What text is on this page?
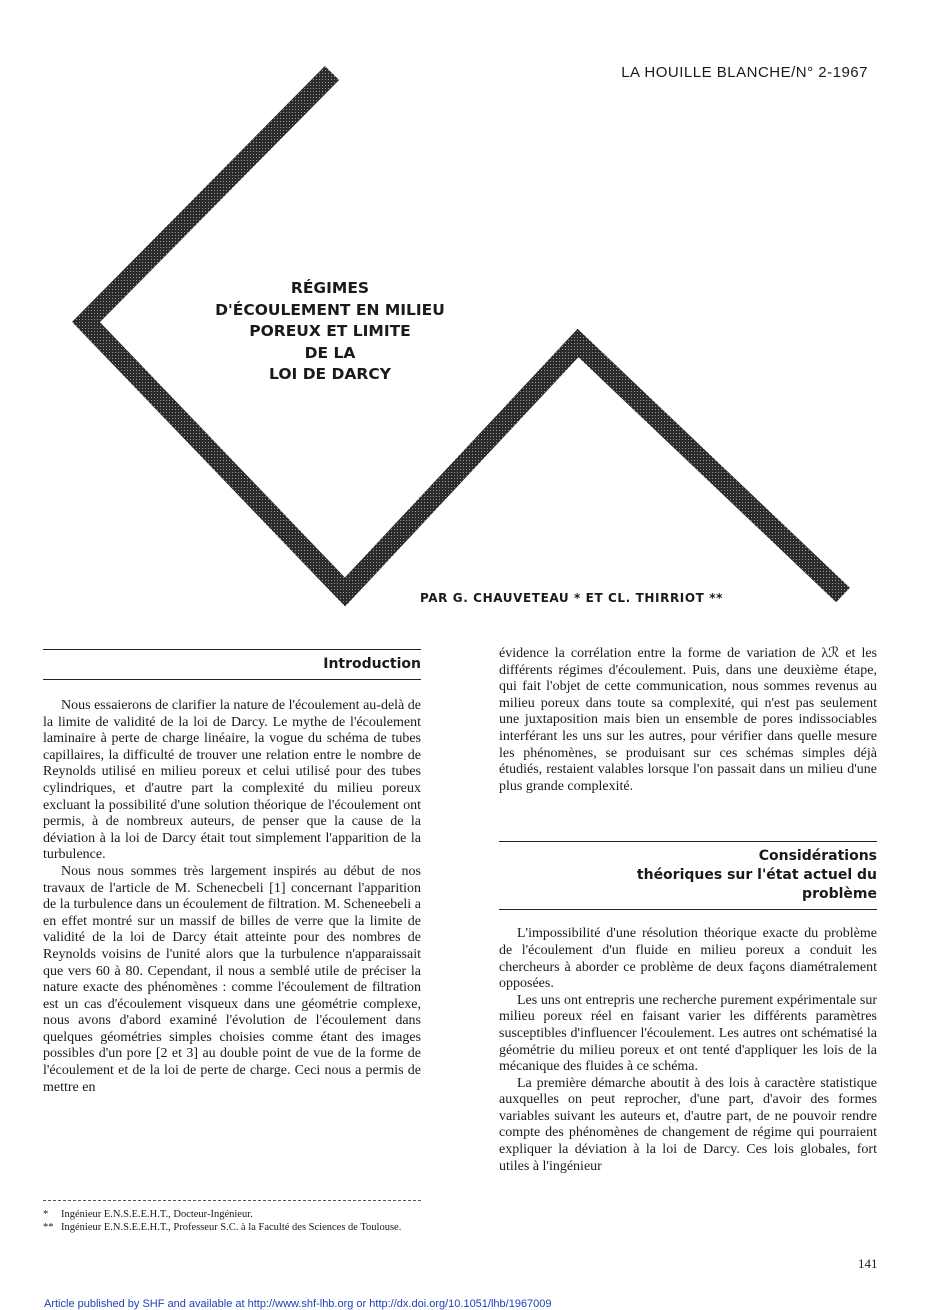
LA HOUILLE BLANCHE/N° 2-1967
RÉGIMES
D'ÉCOULEMENT EN MILIEU
POREUX ET LIMITE
DE LA
LOI DE DARCY
PAR G. CHAUVETEAU * ET CL. THIRRIOT **
Introduction

Nous essaierons de clarifier la nature de l'écoulement au-delà de la limite de validité de la loi de Darcy. Le mythe de l'écoulement laminaire à perte de charge linéaire, la vogue du schéma de tubes capillaires, la difficulté de trouver une relation entre le nombre de Reynolds utilisé en milieu poreux et celui utilisé pour des tubes cylindriques, et d'autre part la complexité du milieu poreux excluant la possibilité d'une solution théorique de l'écoulement ont permis, à de nombreux auteurs, de penser que la cause de la déviation à la loi de Darcy était tout simplement l'apparition de la turbulence.

Nous nous sommes très largement inspirés au début de nos travaux de l'article de M. Schenecbeli [1] concernant l'apparition de la turbulence dans un écoulement de filtration. M. Scheneebeli a en effet montré sur un massif de billes de verre que la limite de validité de la loi de Darcy était atteinte pour des nombres de Reynolds voisins de l'unité alors que la turbulence n'apparaissait que vers 60 à 80. Cependant, il nous a semblé utile de préciser la nature exacte des phénomènes : comme l'écoulement de filtration est un cas d'écoulement visqueux dans une géométrie complexe, nous avons d'abord examiné l'évolution de l'écoulement dans quelques géométries simples choisies comme étant des images possibles d'un pore [2 et 3] au double point de vue de la forme de l'écoulement et de la loi de perte de charge. Ceci nous a permis de mettre en

évidence la corrélation entre la forme de variation de λℛ et les différents régimes d'écoulement. Puis, dans une deuxième étape, qui fait l'objet de cette communication, nous sommes revenus au milieu poreux dans toute sa complexité, qui n'est pas seulement une juxtaposition mais bien un ensemble de pores indissociables interférant les uns sur les autres, pour vérifier dans quelle mesure les phénomènes, se produisant sur ces schémas simples déjà étudiés, restaient valables lorsque l'on passait dans un milieu d'une plus grande complexité.

Considérations
théoriques sur l'état actuel du
problème

L'impossibilité d'une résolution théorique exacte du problème de l'écoulement d'un fluide en milieu poreux a conduit les chercheurs à aborder ce problème de deux façons diamétralement opposées.

Les uns ont entrepris une recherche purement expérimentale sur milieu poreux réel en faisant varier les différents paramètres susceptibles d'influencer l'écoulement. Les autres ont schématisé la géométrie du milieu poreux et ont tenté d'appliquer les lois de la mécanique des fluides à ce schéma.

La première démarche aboutit à des lois à caractère statistique auxquelles on peut reprocher, d'une part, d'avoir des formes variables suivant les auteurs et, d'autre part, de ne pouvoir rendre compte des phénomènes de changement de régime qui pourraient expliquer la déviation à la loi de Darcy. Ces lois globales, fort utiles à l'ingénieur

* Ingénieur E.N.S.E.E.H.T., Docteur-Ingénieur.
** Ingénieur E.N.S.E.E.H.T., Professeur S.C. à la Faculté des Sciences de Toulouse.
141
Article published by SHF and available at http://www.shf-lhb.org or http://dx.doi.org/10.1051/lhb/1967009
